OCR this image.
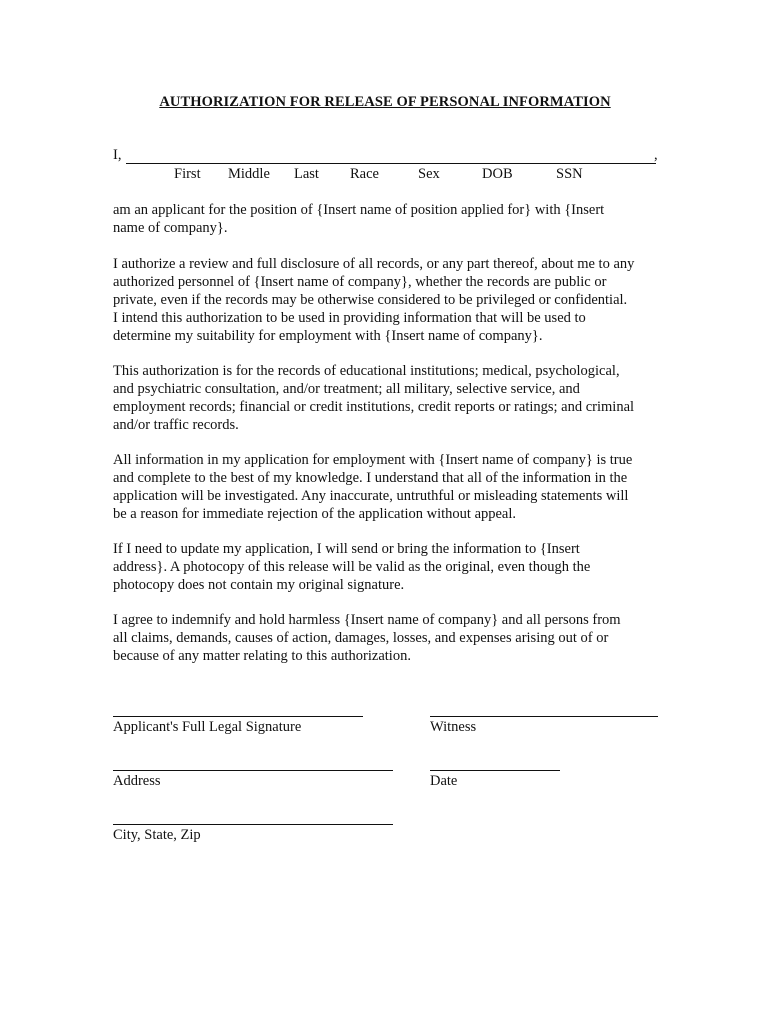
AUTHORIZATION FOR RELEASE OF PERSONAL INFORMATION
I,	,
First Middle Last Race	Sex	DOB	SSN

am an applicant for the position of {Insert name of position applied for} with {Insert
name of company}.

I authorize a review and full disclosure of all records, or any part thereof, about me to any
authorized personnel of {Insert name of company}, whether the records are public or
private, even if the records may be otherwise considered to be privileged or confidential.
I intend this authorization to be used in providing information that will be used to
determine my suitability for employment with {Insert name of company}.

This authorization is for the records of educational institutions; medical, psychological,
and psychiatric consultation, and/or treatment; all military, selective service, and
employment records; financial or credit institutions, credit reports or ratings; and criminal
and/or traffic records.

All information in my application for employment with {Insert name of company} is true
and complete to the best of my knowledge. I understand that all of the information in the
application will be investigated. Any inaccurate, untruthful or misleading statements will
be a reason for immediate rejection of the application without appeal.

If I need to update my application, I will send or bring the information to {Insert
address}. A photocopy of this release will be valid as the original, even though the
photocopy does not contain my original signature.

I agree to indemnify and hold harmless {Insert name of company} and all persons from
all claims, demands, causes of action, damages, losses, and expenses arising out of or
because of any matter relating to this authorization.

Applicant's Full Legal Signature	Witness
Address	Date
City, State, Zip
